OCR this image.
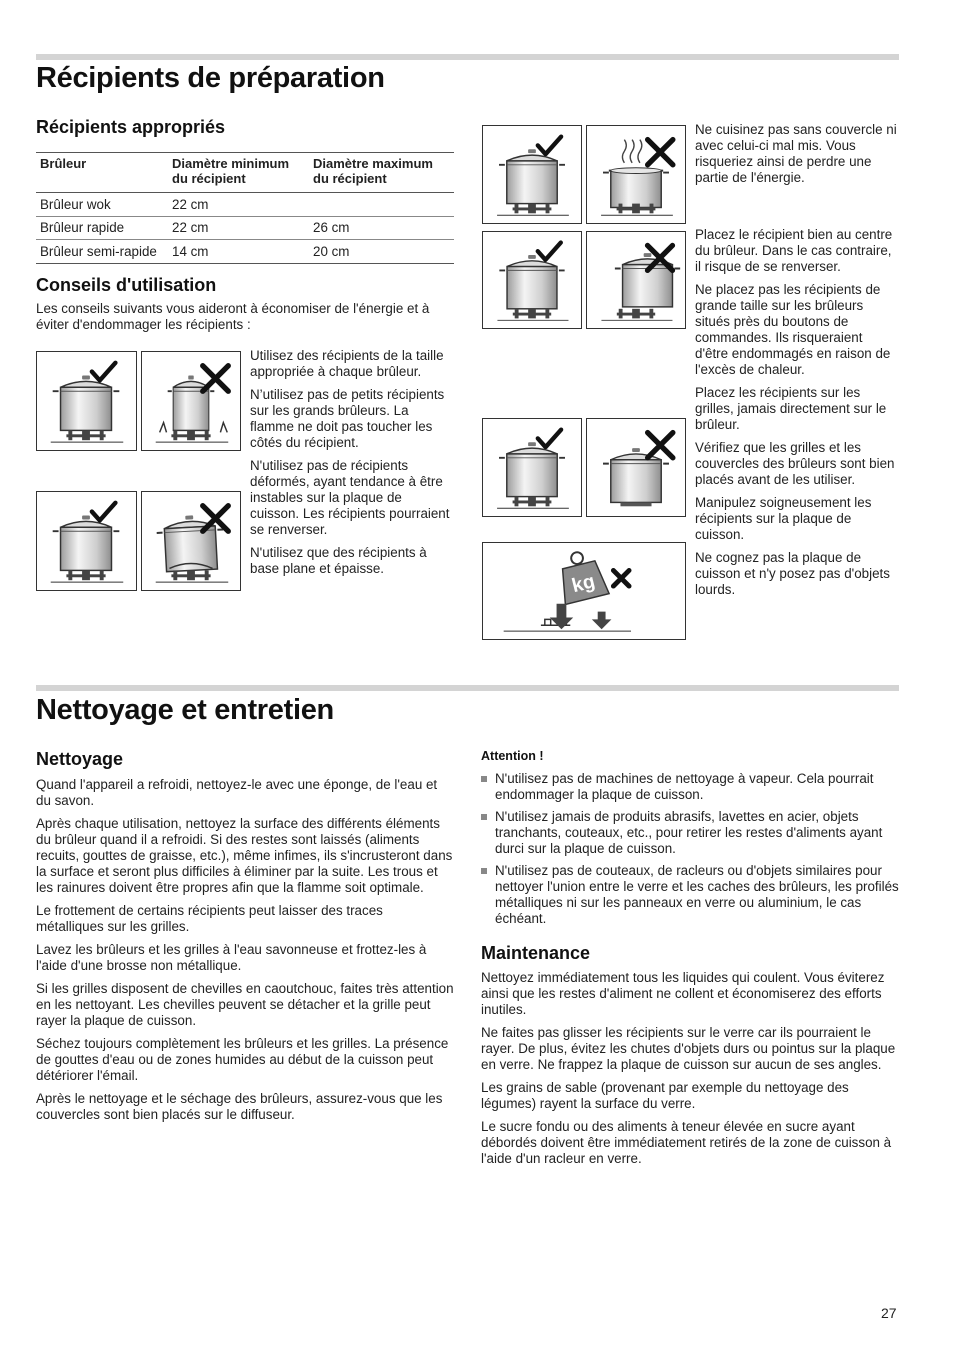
Récipients de préparation
Récipients appropriés
Brûleur	Diamètre minimum du récipient	Diamètre maximum du récipient
Brûleur wok	22 cm	
Brûleur rapide	22 cm	26 cm
Brûleur semi-rapide	14 cm	20 cm
Conseils d'utilisation
Les conseils suivants vous aideront à économiser de l'énergie et à éviter d'endommager les récipients :
Utilisez des récipients de la taille appropriée à chaque brûleur.
N’utilisez pas de petits récipients sur les grands brûleurs. La flamme ne doit pas toucher les côtés du récipient.
N'utilisez pas de récipients déformés, ayant tendance à être instables sur la plaque de cuisson. Les récipients pourraient se renverser.
N'utilisez que des récipients à base plane et épaisse.
kg
Ne cuisinez pas sans couvercle ni avec celui-ci mal mis. Vous risqueriez ainsi de perdre une partie de l'énergie.
Placez le récipient bien au centre du brûleur. Dans le cas contraire, il risque de se renverser.
Ne placez pas les récipients de grande taille sur les brûleurs situés près du boutons de commandes. Ils risqueraient d'être endommagés en raison de l'excès de chaleur.
Placez les récipients sur les grilles, jamais directement sur le brûleur.
Vérifiez que les grilles et les couvercles des brûleurs sont bien placés avant de les utiliser.
Manipulez soigneusement les récipients sur la plaque de cuisson.
Ne cognez pas la plaque de cuisson et n'y posez pas d'objets lourds.
Nettoyage et entretien
Nettoyage
Quand l'appareil a refroidi, nettoyez-le avec une éponge, de l'eau et du savon.
Après chaque utilisation, nettoyez la surface des différents éléments du brûleur quand il a refroidi. Si des restes sont laissés (aliments recuits, gouttes de graisse, etc.), même infimes, ils s'incrusteront dans la surface et seront plus difficiles à éliminer par la suite. Les trous et les rainures doivent être propres afin que la flamme soit optimale.
Le frottement de certains récipients peut laisser des traces métalliques sur les grilles.
Lavez les brûleurs et les grilles à l'eau savonneuse et frottez-les à l'aide d'une brosse non métallique.
Si les grilles disposent de chevilles en caoutchouc, faites très attention en les nettoyant. Les chevilles peuvent se détacher et la grille peut rayer la plaque de cuisson.
Séchez toujours complètement les brûleurs et les grilles. La présence de gouttes d'eau ou de zones humides au début de la cuisson peut détériorer l'émail.
Après le nettoyage et le séchage des brûleurs, assurez-vous que les couvercles sont bien placés sur le diffuseur.
Attention !
N'utilisez pas de machines de nettoyage à vapeur. Cela pourrait endommager la plaque de cuisson.
N'utilisez jamais de produits abrasifs, lavettes en acier, objets tranchants, couteaux, etc., pour retirer les restes d'aliments ayant durci sur la plaque de cuisson.
N'utilisez pas de couteaux, de racleurs ou d'objets similaires pour nettoyer l'union entre le verre et les caches des brûleurs, les profilés métalliques ni sur les panneaux en verre ou aluminium, le cas échéant.
Maintenance
Nettoyez immédiatement tous les liquides qui coulent. Vous éviterez ainsi que les restes d'aliment ne collent et économiserez des efforts inutiles.
Ne faites pas glisser les récipients sur le verre car ils pourraient le rayer. De plus, évitez les chutes d'objets durs ou pointus sur la plaque en verre. Ne frappez la plaque de cuisson sur aucun de ses angles.
Les grains de sable (provenant par exemple du nettoyage des légumes) rayent la surface du verre.
Le sucre fondu ou des aliments à teneur élevée en sucre ayant débordés doivent être immédiatement retirés de la zone de cuisson à l'aide d'un racleur en verre.
27
